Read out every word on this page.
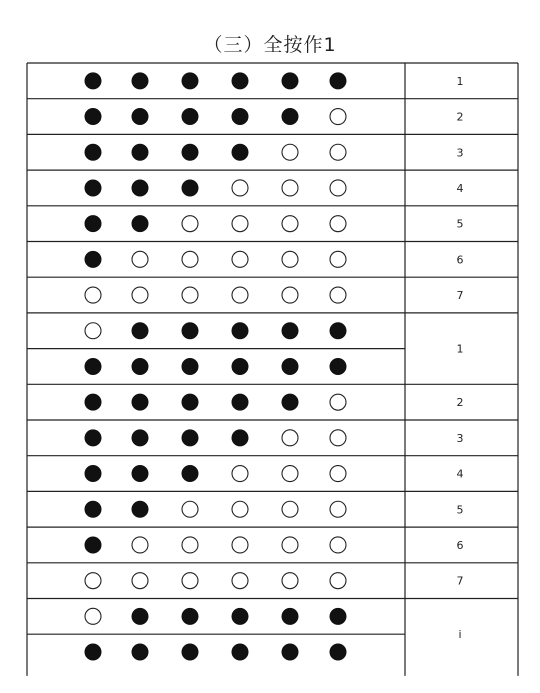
（三）全按作1
1
2
3
4
5
6
7
1
2
3
4
5
6
7
i
